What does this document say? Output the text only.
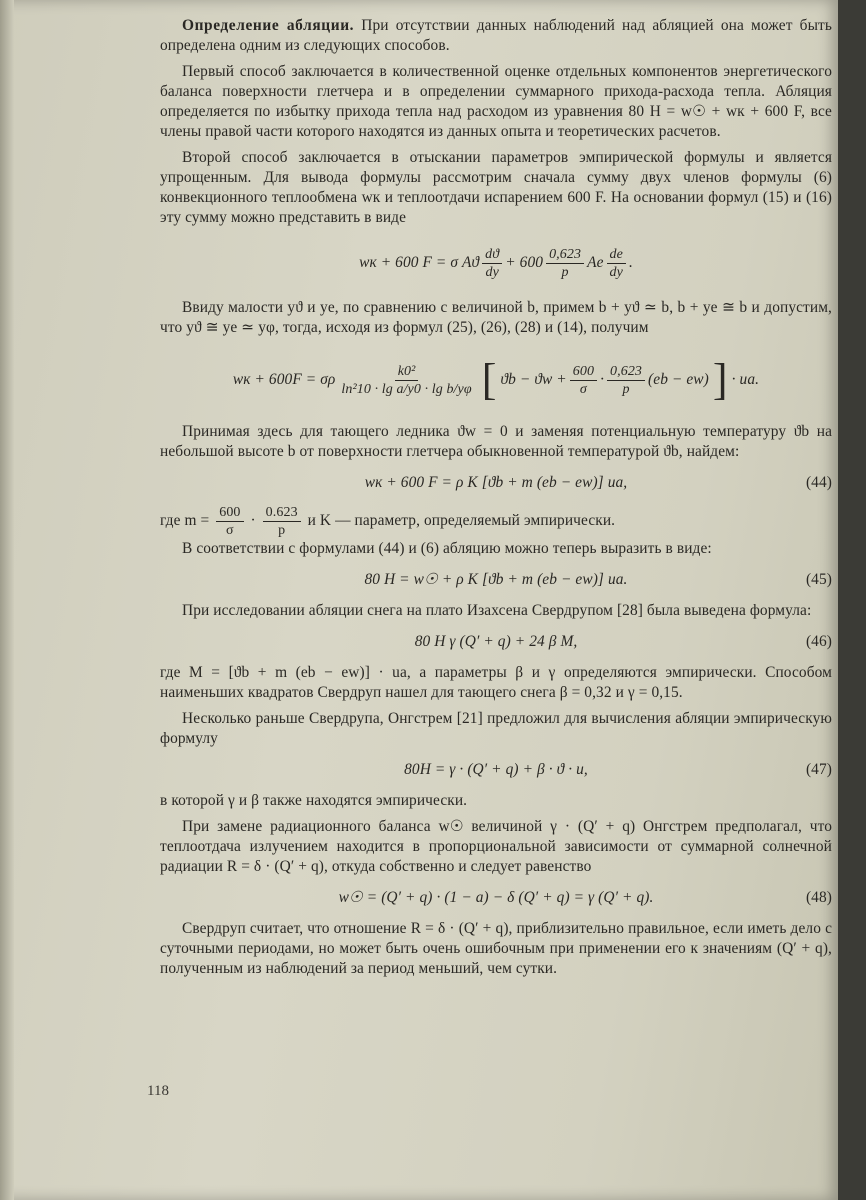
Определение абляции. При отсутствии данных наблюдений над абляцией она может быть определена одним из следующих способов.

Первый способ заключается в количественной оценке отдельных компонентов энергетического баланса поверхности глетчера и в определении суммарного прихода-расхода тепла. Абляция определяется по избытку прихода тепла над расходом из уравнения 80 H = w☉ + wк + 600 F, все члены правой части которого находятся из данных опыта и теоретических расчетов.

Второй способ заключается в отыскании параметров эмпирической формулы и является упрощенным. Для вывода формулы рассмотрим сначала сумму двух членов формулы (6) конвекционного теплообмена wк и теплоотдачи испарением 600 F. На основании формул (15) и (16) эту сумму можно представить в виде

wк + 600 F = σ Aϑ $\frac{dϑ}{dy} + 600 \frac{0,623}{p}$ Ae $\frac{de}{dy}$ .

Ввиду малости yϑ и ye, по сравнению с величиной b, примем b + yϑ ≃ b, b + ye ≅ b и допустим, что yϑ ≅ ye ≃ yφ, тогда, исходя из формул (25), (26), (28) и (14), получим

wк + 600F = σρ $\frac{\text{k0²}}{\text{ln²10 · lg a/y0 · lg b/yφ}}$ [ $ϑb - ϑw + \frac{600}{\sigma} \cdot \frac{0,623}{p} (eb - ew)$ ] · ua.

Принимая здесь для тающего ледника ϑw = 0 и заменяя потенциальную температуру ϑb на небольшой высоте b от поверхности глетчера обыкновенной температурой ϑb, найдем:

wк + 600 F = ρ K [ϑb + m (eb − ew)] ua,	(44)

где $m = \frac{600}{\sigma} \cdot \frac{0.623}{p}$ и K — параметр, определяемый эмпирически.

В соответствии с формулами (44) и (6) абляцию можно теперь выразить в виде:

80 H = w☉ + ρ K [ϑb + m (eb − ew)] ua.	(45)

При исследовании абляции снега на плато Изахсена Свердрупом [28] была выведена формула:

80 H γ (Q′ + q) + 24 β M,	(46)

где M = [ϑb + m (eb − ew)] · ua, а параметры β и γ определяются эмпирически. Способом наименьших квадратов Свердруп нашел для тающего снега β = 0,32 и γ = 0,15.

Несколько раньше Свердрупа, Онгстрем [21] предложил для вычисления абляции эмпирическую формулу

80H = γ · (Q′ + q) + β · ϑ · u,	(47)

в которой γ и β также находятся эмпирически.

При замене радиационного баланса w☉ величиной γ · (Q′ + q) Онгстрем предполагал, что теплоотдача излучением находится в пропорциональной зависимости от суммарной солнечной радиации R = δ · (Q′ + q), откуда собственно и следует равенство

w☉ = (Q′ + q) · (1 − a) − δ (Q′ + q) = γ (Q′ + q).	(48)

Свердруп считает, что отношение R = δ · (Q′ + q), приблизительно правильное, если иметь дело с суточными периодами, но может быть очень ошибочным при применении его к значениям (Q′ + q), полученным из наблюдений за период меньший, чем сутки.

118
